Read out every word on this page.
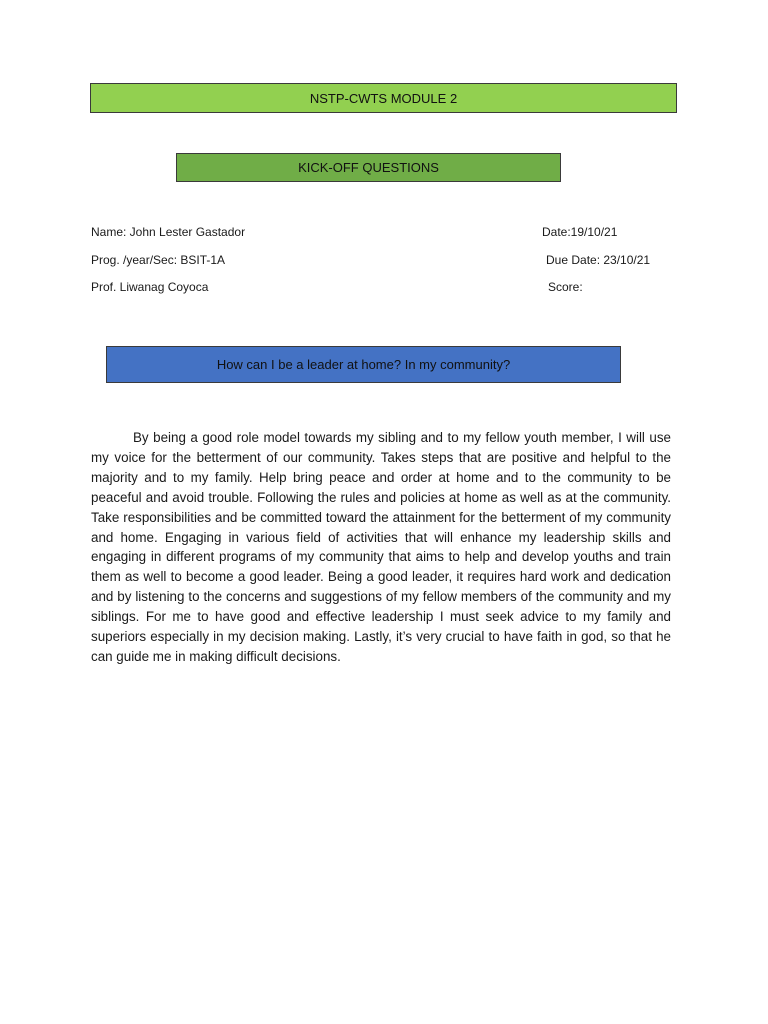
NSTP-CWTS MODULE 2
KICK-OFF QUESTIONS
Name: John Lester Gastador
Prog. /year/Sec: BSIT-1A
Prof. Liwanag Coyoca
Date:19/10/21
Due Date: 23/10/21
Score:
How can I be a leader at home? In my community?

By being a good role model towards my sibling and to my fellow youth member, I will use my voice for the betterment of our community. Takes steps that are positive and helpful to the majority and to my family. Help bring peace and order at home and to the community to be peaceful and avoid trouble. Following the rules and policies at home as well as at the community. Take responsibilities and be committed toward the attainment for the betterment of my community and home. Engaging in various field of activities that will enhance my leadership skills and engaging in different programs of my community that aims to help and develop youths and train them as well to become a good leader. Being a good leader, it requires hard work and dedication and by listening to the concerns and suggestions of my fellow members of the community and my siblings. For me to have good and effective leadership I must seek advice to my family and superiors especially in my decision making. Lastly, it’s very crucial to have faith in god, so that he can guide me in making difficult decisions.
